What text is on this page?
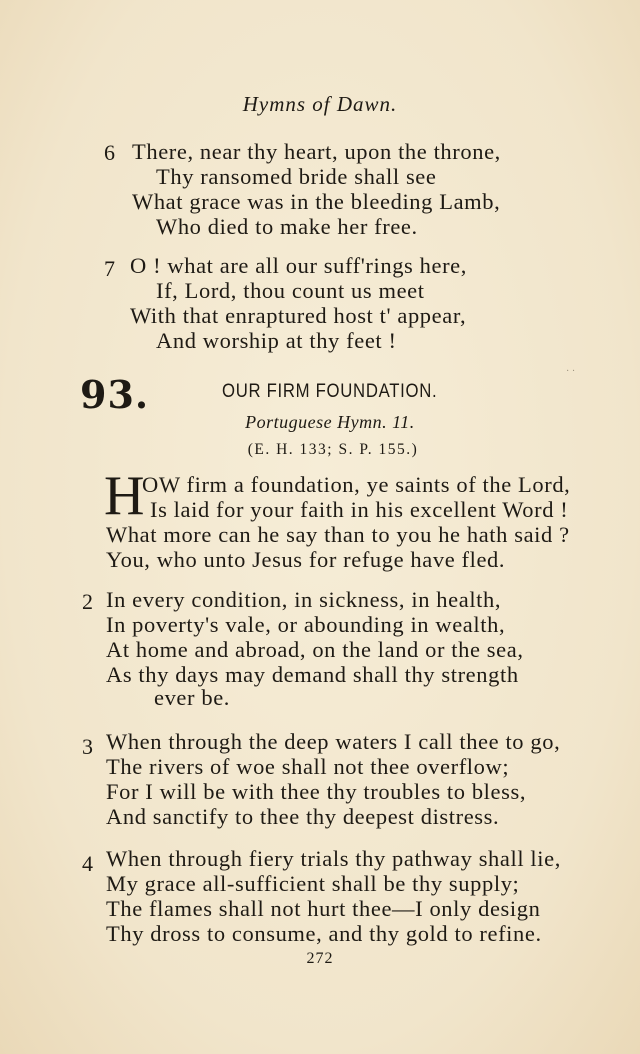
Hymns of Dawn.
6 There, near thy heart, upon the throne,
Thy ransomed bride shall see
What grace was in the bleeding Lamb,
Who died to make her free.
7 O ! what are all our suff'rings here,
If, Lord, thou count us meet
With that enraptured host t' appear,
And worship at thy feet !
· ·
93.	OUR FIRM FOUNDATION.
Portuguese Hymn. 11.
(E. H. 133; S. P. 155.)
H
OW firm a foundation, ye saints of the Lord,
Is laid for your faith in his excellent Word !
What more can he say than to you he hath said ?
You, who unto Jesus for refuge have fled.
2 In every condition, in sickness, in health,
In poverty's vale, or abounding in wealth,
At home and abroad, on the land or the sea,
As thy days may demand shall thy strength
ever be.
3 When through the deep waters I call thee to go,
The rivers of woe shall not thee overflow;
For I will be with thee thy troubles to bless,
And sanctify to thee thy deepest distress.
4 When through fiery trials thy pathway shall lie,
My grace all-sufficient shall be thy supply;
The flames shall not hurt thee—I only design
Thy dross to consume, and thy gold to refine.
272
